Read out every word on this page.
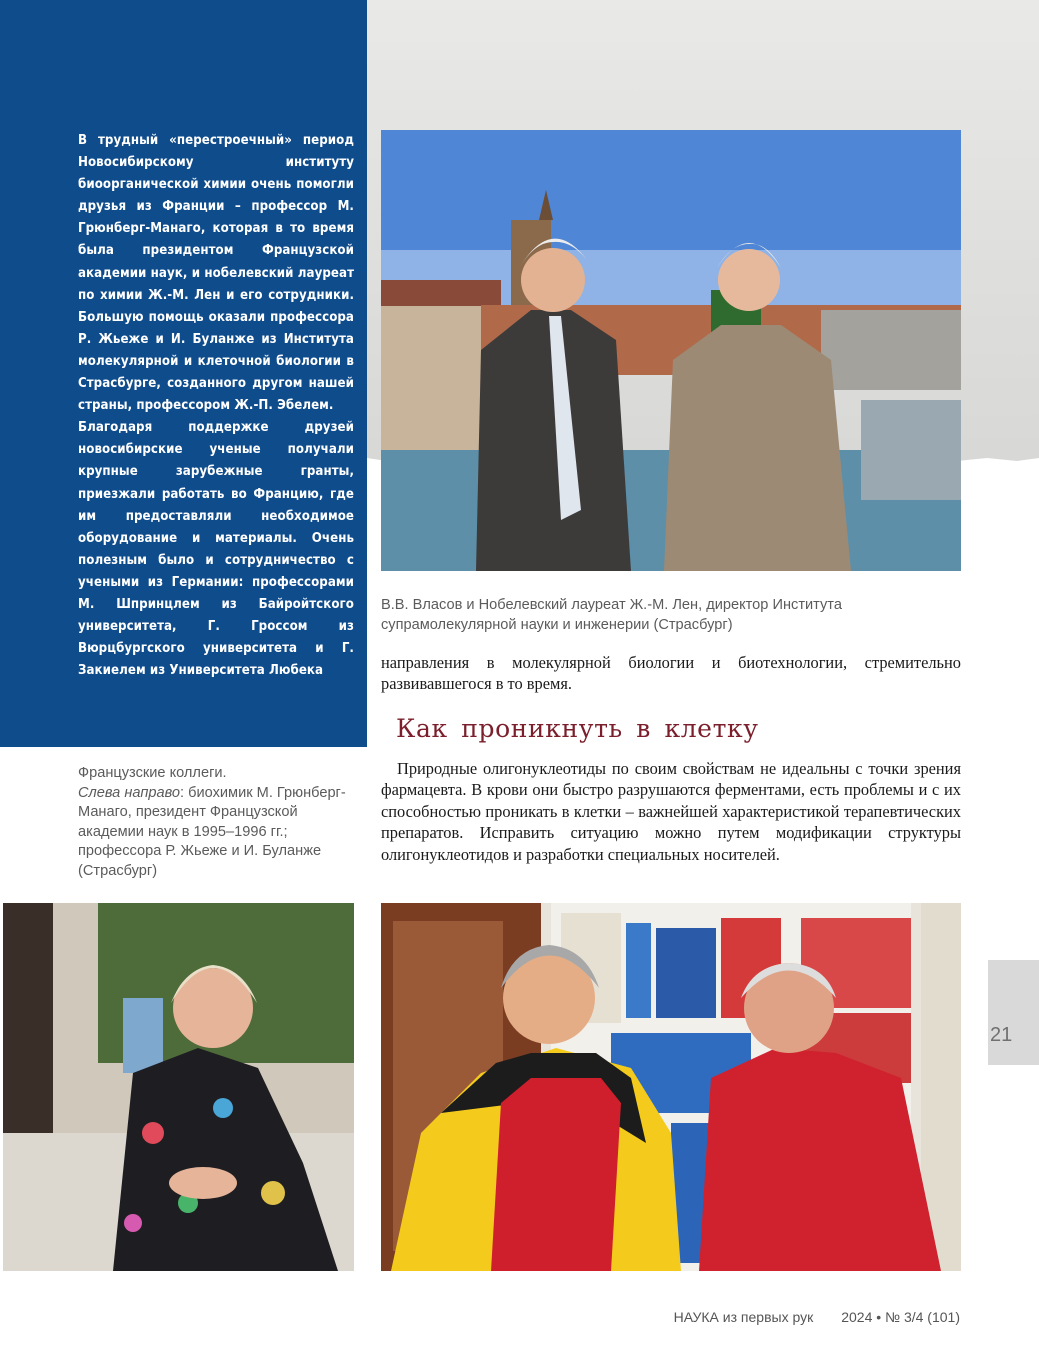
В трудный «перестроечный» период Новосибирскому институту биоорганической химии очень помогли друзья из Франции – профессор М. Грюнберг-Манаго, которая в то время была президентом Французской академии наук, и нобелевский лауреат по химии Ж.-М. Лен и его сотрудники. Большую помощь оказали профессора Р. Жьеже и И. Буланже из Института молекулярной и клеточной биологии в Страсбурге, созданного другом нашей страны, профессором Ж.-П. Эбелем.

Благодаря поддержке друзей новосибирские ученые получали крупные зарубежные гранты, приезжали работать во Францию, где им предоставляли необходимое оборудование и материалы. Очень полезным было и сотрудничество с учеными из Германии: профессорами М. Шпринцлем из Байройтского университета, Г. Гроссом из Вюрцбургского университета и Г. Закиелем из Университета Любека

В.В. Власов и Нобелевский лауреат Ж.-М. Лен, директор Института супрамолекулярной науки и инженерии (Страсбург)

направления в молекулярной биологии и биотехнологии, стремительно развивавшегося в то время.

Как проникнуть в клетку

Природные олигонуклеотиды по своим свойствам не идеальны с точки зрения фармацевта. В крови они быстро разрушаются ферментами, есть проблемы и с их способностью проникать в клетки – важнейшей характеристикой терапевтических препаратов. Исправить ситуацию можно путем модификации структуры олигонуклеотидов и разработки специальных носителей.

Французские коллеги.
Слева направо: биохимик М. Грюнберг-Манаго, президент Французской академии наук в 1995–1996 гг.; профессора Р. Жьеже и И. Буланже (Страсбург)
21
НАУКА из первых рук 2024 • № 3/4 (101)
